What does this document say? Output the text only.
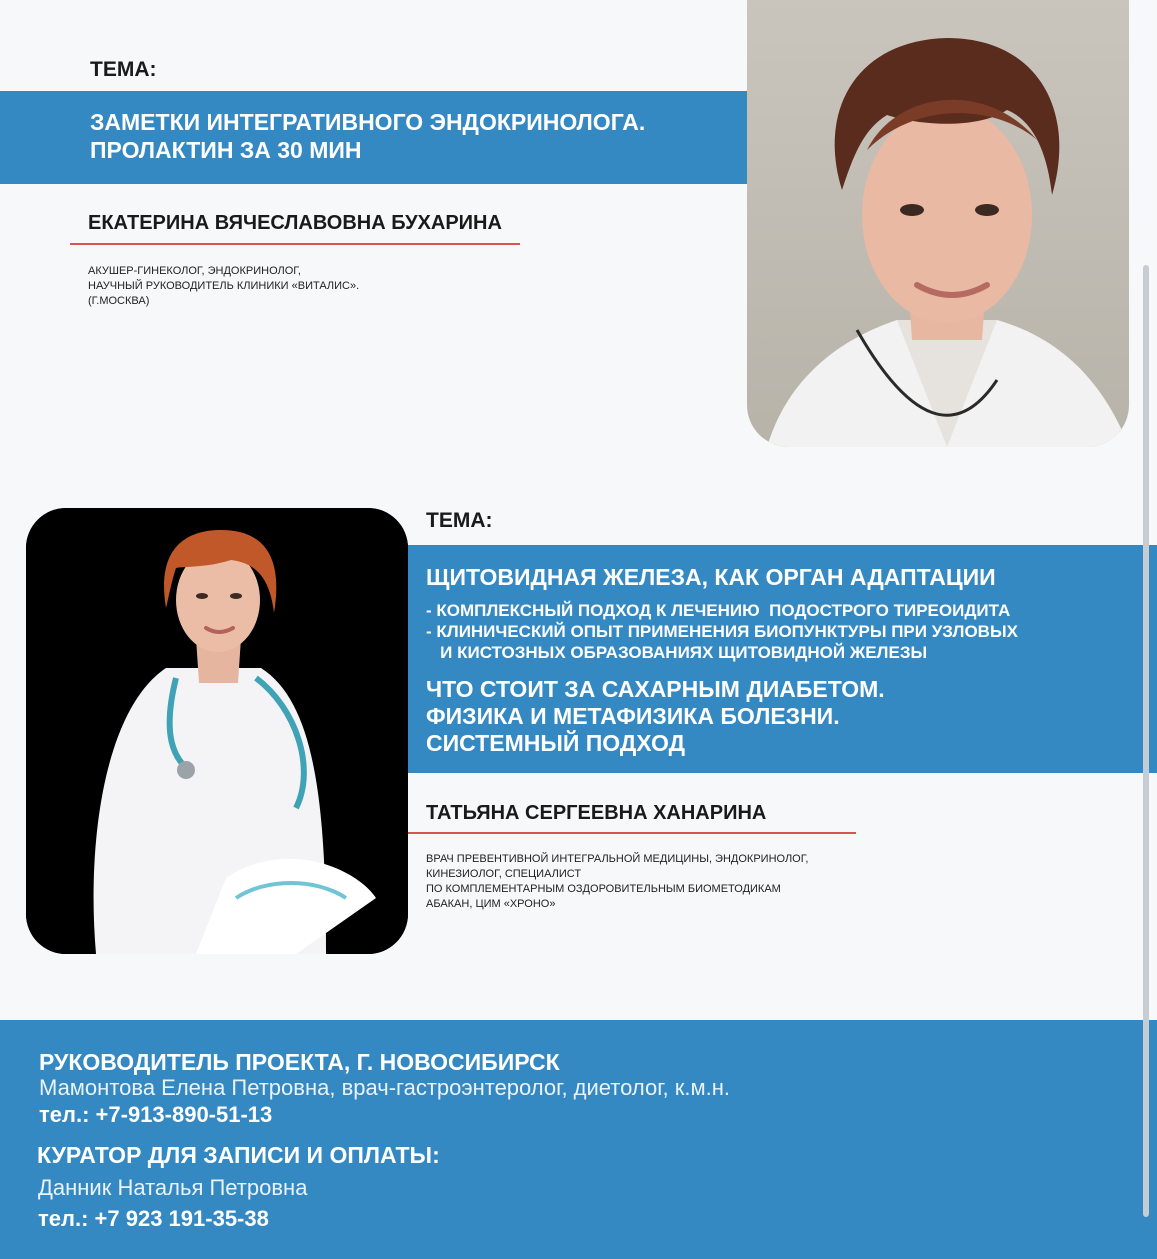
ТЕМА:
ЗАМЕТКИ ИНТЕГРАТИВНОГО ЭНДОКРИНОЛОГА.
ПРОЛАКТИН ЗА 30 МИН
ЕКАТЕРИНА ВЯЧЕСЛАВОВНА БУХАРИНА
АКУШЕР-ГИНЕКОЛОГ, ЭНДОКРИНОЛОГ,
НАУЧНЫЙ РУКОВОДИТЕЛЬ КЛИНИКИ «ВИТАЛИС».
(Г.МОСКВА)
ТЕМА:
ЩИТОВИДНАЯ ЖЕЛЕЗА, КАК ОРГАН АДАПТАЦИИ
- КОМПЛЕКСНЫЙ ПОДХОД К ЛЕЧЕНИЮ  ПОДОСТРОГО ТИРЕОИДИТА
- КЛИНИЧЕСКИЙ ОПЫТ ПРИМЕНЕНИЯ БИОПУНКТУРЫ ПРИ УЗЛОВЫХ
И КИСТОЗНЫХ ОБРАЗОВАНИЯХ ЩИТОВИДНОЙ ЖЕЛЕЗЫ
ЧТО СТОИТ ЗА САХАРНЫМ ДИАБЕТОМ.
ФИЗИКА И МЕТАФИЗИКА БОЛЕЗНИ.
СИСТЕМНЫЙ ПОДХОД
ТАТЬЯНА СЕРГЕЕВНА ХАНАРИНА
ВРАЧ ПРЕВЕНТИВНОЙ ИНТЕГРАЛЬНОЙ МЕДИЦИНЫ, ЭНДОКРИНОЛОГ,
КИНЕЗИОЛОГ, СПЕЦИАЛИСТ
ПО КОМПЛЕМЕНТАРНЫМ ОЗДОРОВИТЕЛЬНЫМ БИОМЕТОДИКАМ
АБАКАН, ЦИМ «ХРОНО»
РУКОВОДИТЕЛЬ ПРОЕКТА, Г. НОВОСИБИРСК
Мамонтова Елена Петровна, врач-гастроэнтеролог, диетолог, к.м.н.
тел.: +7-913-890-51-13
КУРАТОР ДЛЯ ЗАПИСИ И ОПЛАТЫ:
Данник Наталья Петровна
тел.: +7 923 191-35-38
